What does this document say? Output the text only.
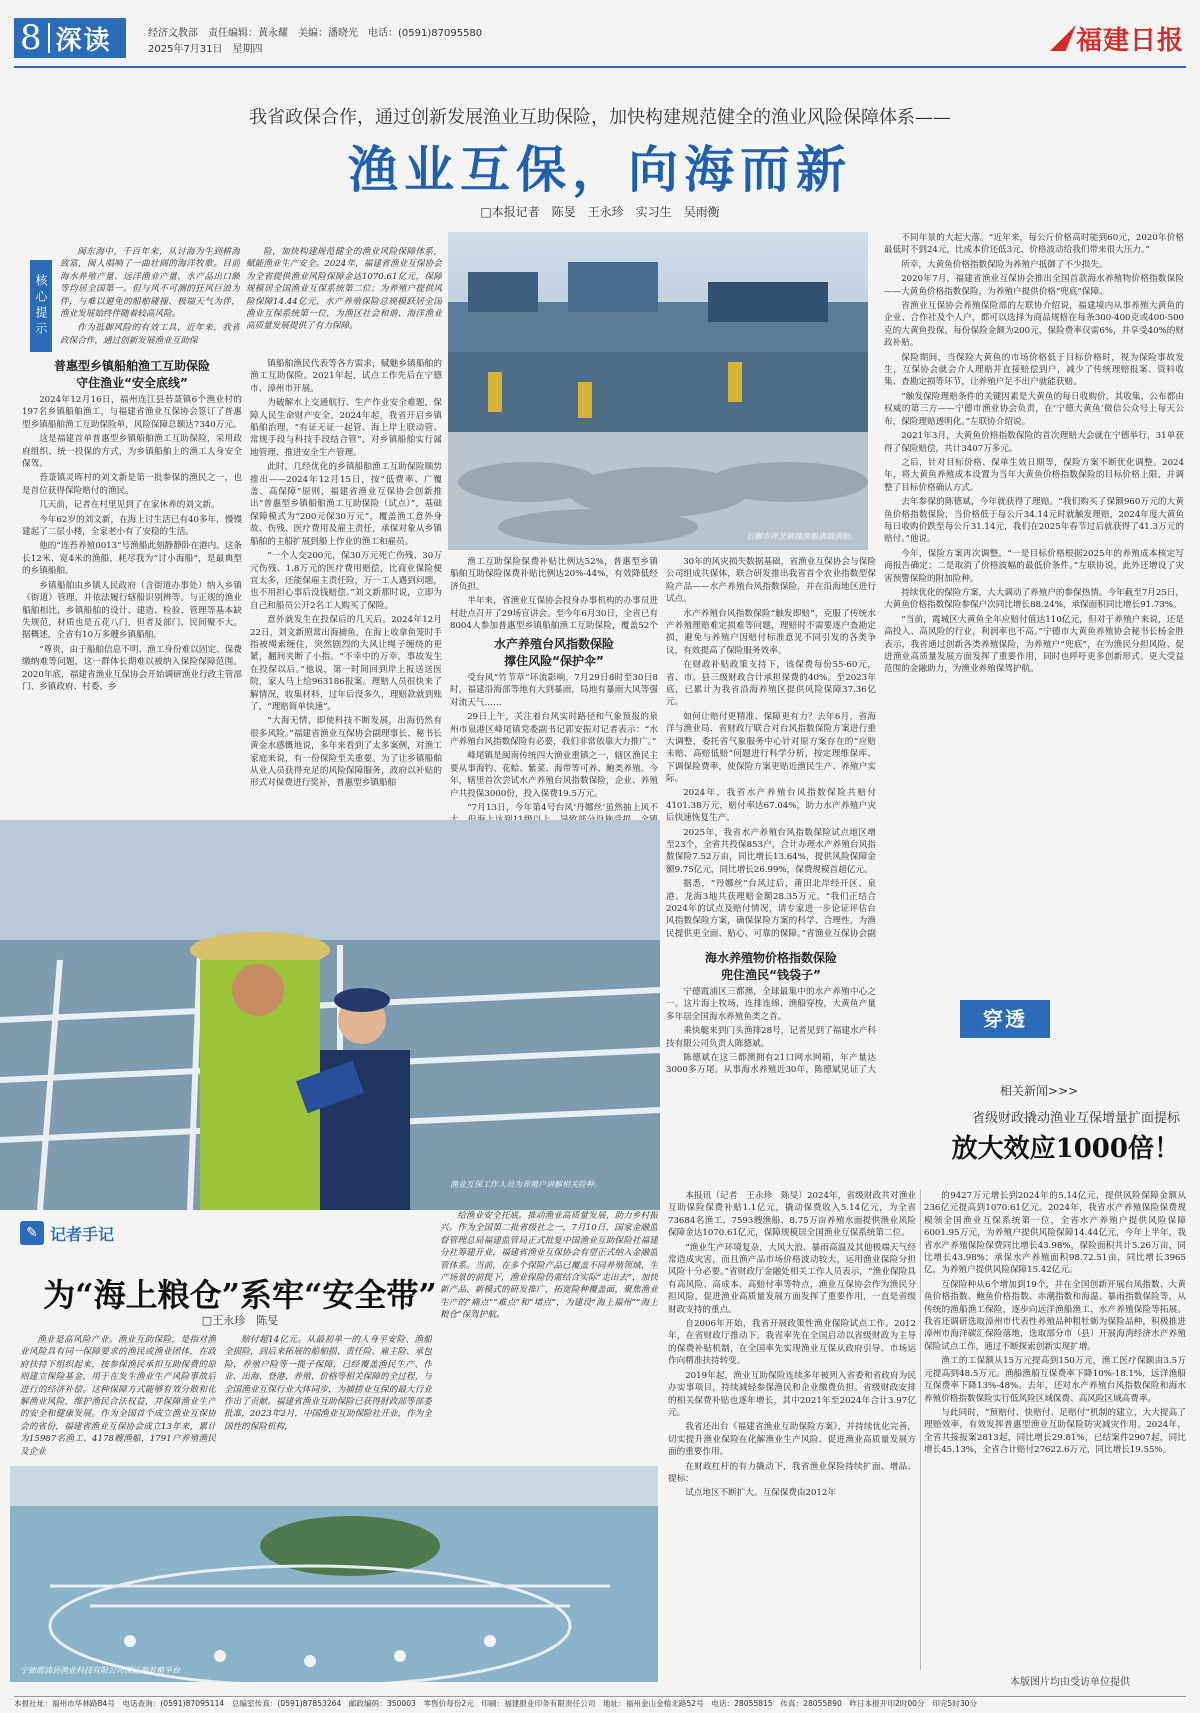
8 深读	经济文教部　责任编辑：黄永耀　美编：潘晓光　电话：(0591)87095580
2025年7月31日　星期四	福建日报
我省政保合作，通过创新发展渔业互助保险，加快构建规范健全的渔业风险保障体系——
渔业互保，向海而新
□本报记者　陈旻　王永珍　实习生　吴雨衡
核心提示

闽东海中，千百年来，从讨海为生到耕海致富，闽人唱响了一曲壮阔的海洋牧歌。目前海水养殖产量、远洋渔业产量、水产品出口额等均居全国第一。但与风不可测的狂风巨浪为伴，与难以避免的船舶碰撞、极端天气为伴，渔业发展始终伴随着较高风险。

作为抵御风险的有效工具，近年来，我省政保合作，通过创新发展渔业互助保

险，加快构建规范健全的渔业风险保障体系，赋能渔业生产安全。2024年，福建省渔业互保协会为全省提供渔业风险保障金达1070.61亿元，保障规模居全国渔业互保系统第二位；为养殖户提供风险保障14.44亿元，水产养殖保险总规模跃居全国渔业互保系统第一位，为渔区社会和谐、海洋渔业高质量发展提供了有力保障。

石狮市祥芝镇捕渔船满载满舱。
普惠型乡镇船舶渔工互助保险
守住渔业“安全底线”

2024年12月16日，福州连江县苔菉镇6个渔业村的197名乡镇船舶渔工，与福建省渔业互保协会签订了普惠型乡镇船舶渔工互助保险单，风险保障总额达7340万元。

这是福建首单普惠型乡镇船舶渔工互助保险，采用政府组织、统一投保的方式，为乡镇船舶上的渔工人身安全保驾。

苔菉镇灵晖村的刘文新是第一批参保的渔民之一，也是首位获得保险赔付的渔民。

几天前，记者在村里见到了在家休养的刘文新。

今年62岁的刘文新，在海上讨生活已有40多年，慢慢建起了二层小楼，全家老小有了安稳的生活。

他的“连苔养殖0013”号渔船此刻静静卧在港内。这条长12米、宽4米的渔船，耗尽我为“讨小海船”，是最典型的乡镇船舶。

乡镇船舶由乡镇人民政府（含街道办事处）纳入乡镇（街道）管理，并依法履行辖船识别辨等。与正规的渔业船舶相比，乡镇船舶的设计、建造、检验、管理等基本缺失规范，材质也是五花八门，但者及部门、民间聚不大。据概述，全省有10万多艘乡镇船舶。

“尊贵，由于船舶信息不明、渔工身份难以固定、保费缴纳难等问题，这一群体长期难以被纳入保险保障范围。2020年底，福建省渔业互保协会开始调研渔业行政主管部门、乡镇政府、村委、乡

镇船舶渔民代表等各方需求，赋魅乡镇船舶的渔工互助保险。2021年起，试点工作先后在宁德市、漳州市开展。

为破解水上交通航行、生产作业安全难题，保障人民生命财产安全，2024年起，我省开启乡镇船舶治理，“有证无证一起管、海上岸上联动管、常规手段与科技手段结合管”，对乡镇船舶实行属地管理、推进安全生产管理。

此时，几经优化的乡镇船舶渔工互助保险顺势推出——2024年12月15日，按“低费率、广覆盖、高保障”原则，福建省渔业互保协会创新推出“普惠型乡镇船舶渔工互助保险（试点）”，基础保障模式为“200元保30万元”，覆盖渔工意外身故、伤残、医疗费用及雇主责任，承保对象从乡镇船舶的主船扩展到船上作业的渔工和雇员。

“一个人交200元，保30万元死亡伤残、30万元伤残、1.8万元的医疗费用赔偿，比商业保险便宜太多，还能保雇主责任险，万一工人遇到问题，也不用担心事后没钱赔偿。”刘文新那时说，立即为自己和船员公开2名工人购买了保险。

意外就发生在投保后的几天后。2024年12月22日，刘文新照常出海捕鱼，在海上收拿鱼笼时手指被绳索缠住，突然剧烈的大风让绳子缠绕的更紧，翻间夹断了小指。“不幸中的万幸，事故发生在投保以后。”他说，第一时间回到岸上报送送医院，家人马上给963186报案。理赔人员很快来了解情况，收集材料，过年后没多久，理赔款就到账了，“理赔简单快速”。

“大海无情，即使科技不断发展，出海仍然有很多风险。”福建省渔业互保协会副理事长、秘书长黄金水感慨地说，多年来看到了太多案例，对渔工家庭来说，有一份保险至关重要。为了让乡镇船舶从业人员获得充足的风险保障服务，政府以补贴的形式对保费进行奖补，普惠型乡镇船舶

渔工互助保险保费补贴比例达52%，普惠型乡镇船舶互助保险保费补贴比例达20%-44%，有效降低经济负担。

半年来，省渔业互保协会投身办事机构的办事员进村赴点召开了29场宣讲会。至今年6月30日，全省已有8004人参加普惠型乡镇船舶渔工互助保险，覆盖52个

水产养殖台风指数保险
撑住风险“保护伞”

受台风“竹节草”环流影响，7月29日8时至30日8时，福建沿海部等地有大到暴雨，局地有暴雨大风等强对流天气……

29日上午，关注着台风实时路径和气象预报的泉州市泉港区峰尾镇党委副书记郭安振对记者表示：“水产养殖台风指数保险有必要，我们非常依靠大力推广。”

峰尾镇是闽南传统四大渔业重镇之一，辖区渔民主要从事海钓、花蛤、紫菜、海带等可养、鲍类养殖。今年，辖里首次尝试水产养殖台风指数保险，企业、养殖户共投保3000份，投入保费19.5万元。

“7月13日，今年第4号台风‘丹娜丝’虽然抽上风不

30年的风灾损失数据基础，省渔业互保协会与保险公司组成共保体，联合研发推出我省首个农业指数型保险产品——水产养殖台风指数保险，并在沿海地区进行试点。

水产养殖台风指数保险“触发即赔”，克服了传统水产养殖理赔难定损难等问题，理赔时不需要逐户查勘定损，避免与养殖户因赔付标准意见不同引发的各类争议，有效提高了保险服务效率。

在财政补贴政策支持下，该保费每份55-60元，省、市、县三级财政合计承担保费的40%。至2023年底，已累计为我省沿海养殖区提供风险保障37.36亿元。

如何让赔付更精准、保障更有力？去年6月，省海洋与渔业局、省财政厅联合对台风指数保险方案进行重大调整，委托省气象服务中心针对原方案存在的“应赔未赔、高赔低赔”问题进行科学分析，按定理维保库、下调保险费率，使保险方案更贴近渔民生产、养殖户实际。

2024年，我省水产养殖台风指数保险共赔付4101.38万元，赔付率达67.04%，助力水产养殖户灾后快速恢复生产。

2025年，我省水产养殖台风指数保险试点地区增至23个，全省共投保853户，合计办理水产养殖台风指数保险7.52万亩，同比增长13.64%，提供风险保障金额9.75亿元，同比增长26.99%，保费规模首超亿元。

据悉，“丹娜丝”台风过后，莆田北岸经开区、泉港、龙海3地共获理赔金额28.35万元。“我们正结合2024年的试点及赔付情况，请专家进一步论证评估台风指数保险方案，确保保险方案的科学、合理性，为渔民提供更全面、贴心、可靠的保障。”省渔业互保协会副

海水养殖物价格指数保险
兜住渔民“钱袋子”

宁德霞浦区三都澳，全球最集中的水产养殖中心之一。这片海上牧场，连排连绵、渔船穿梭，大黄鱼产量多年居全国海水养殖鱼类之首。

乘快艇来到门头渔排28号，记者见到了福建水产科技有限公司负责人陈德斌。

陈德斌在这三都澳拥有21口网水网箱，年产量达3000多万尾。从事海水养殖近30年，陈德斌见证了大

不同年景的大起大落。“近年来，每公斤价格高时能到60元，2020年价格最低时不到24元，比成本价还低3元，价格波动给我们带来很大压力。”

所幸，大黄鱼价格指数保险为养殖户抵御了不少损失。

2020年7月，福建省渔业互保协会推出全国首款海水养殖物价格指数保险——大黄鱼价格指数保险，为养殖户提供价格“兜底”保障。

省渔业互保协会养殖保险部的左联协介绍说，福建境内从事养殖大黄鱼的企业、合作社及个人户，都可以选择为商品规格在每条300-400克或400-500克的大黄鱼投保。每份保险金额为200元，保险费率仅需6%，并享受40%的财政补贴。

保险期间，当保险大黄鱼的市场价格低于目标价格时，视为保险事故发生，互保协会就会介人理赔并直接赔偿到户，减少了传统理赔报案、资料收集、查勘定损等环节，让养殖户足不出户就能获赔。

“触发保险理赔条件的关键因素是大黄鱼的每日收购价，其收集、公布都由权威的第三方——宁德市渔业协会负责，在‘宁德大黄鱼’微信公众号上每天公布，保险理赔透明化。”左联协介绍说。

2021年3月，大黄鱼价格指数保险的首次理赔大会就在宁德举行，31单获得了保险赔偿，共计3407万多元。

之后，针对目标价格、保单生效日期等，保险方案不断优化调整。2024年，将大黄鱼养殖成本设置为当年大黄鱼价格指数保险的目标价格上限，并调整了目标价格确认方式。

去年参保的陈德斌，今年就获得了理赔。“我们购买了保额960万元的大黄鱼价格指数保险，当价格低于每公斤34.14元时就触发理赔，2024年度大黄鱼每日收购价跌至每公斤31.14元，我们在2025年春节过后就获得了41.3万元的赔付。”他说。

今年，保险方案再次调整。“一是目标价格根据2025年的养殖成本核定写商报告确定；二是取消了价格波幅的最低价条件。”左联协说，此外还增设了灾害预警保险的附加险种。

持续优化的保险方案，大大调动了养殖户的参保热情。今年截至7月25日，大黄鱼价格指数保险参保户次同比增长88.24%，承保面积同比增长91.73%。

“当前，霞城区大黄鱼全年应赔付值达110亿元，但对于养殖户来说，还是高投入、高风险的行业，利润率也不高。”宁德市大黄鱼养殖协会秘书长杨金胜表示，我省通过创新各类养殖保险，为养殖户“兜底”，在为渔民分担风险、促进渔业高质量发展方面发挥了重要作用，同时也呼吁更多创新形式、更大受益范围的金融助力，为渔业养殖保驾护航。

渔业互保工作人员为养殖户讲解相关险种。
穿透
相关新闻>>>
省级财政撬动渔业互保增量扩面提标
放大效应1000倍！

本报讯（记者　王永珍　陈旻）2024年，省级财政共对渔业互助保险保费补贴1.1亿元，撬动保费收入5.14亿元，为全省73684名渔工、7593艘渔船、8.75万亩养殖水面提供渔业风险保障金达1070.61亿元，保障规模居全国渔业互保系统第二位。

“渔业生产环境复杂，大风大浪、暴雨高温及其他极端天气经常造成灾害，而且渔产品市场价格波动较大，运用渔业保险分担风险十分必要。”省财政厅金融处相关工作人员表示，“渔业保险具有高风险、高成本、高赔付率等特点，渔业互保协会作为渔民分担风险，促进渔业高质量发展方面发挥了重要作用，一直是省级财政支持的重点。

自2006年开始，我省开展政策性渔业保险试点工作。2012年，在省财政厅推动下，我省率先在全国启动以省级财政为主导的保费补贴机制，在全国率先实现渔业互保从政府引导、市场运作向精准扶持转变。

2019年起，渔业互助保险连续多年被列入省委和省政府为民办实事项目，持续减轻参保渔民和企业缴费负担。省级财政安排的相关保费补贴也逐年增长，其中2021年至2024年合计3.97亿元。

我省还出台《福建省渔业互助保险方案》，并持续优化完善，切实提升渔业保险在化解渔业生产风险、促进渔业高质量发展方面的重要作用。

在财政杠杆的有力撬动下，我省渔业保险持续扩面、增品、提标：

试点地区不断扩大。互保保费由2012年

的9427万元增长到2024年的5.14亿元，提供风险保障金额从236亿元提高到1070.61亿元。2024年，我省水产养殖保险保费规模领全国渔业互保系统第一位，全省水产养殖户提供风险保障6001.95万元，为养殖户提供风险保障14.44亿元，今年上半年，我省水产养殖保险保费同比增长43.98%，保险面积共计5.26万亩，同比增长43.98%；承保水产养殖面积98.72.51亩，同比增长3965亿，为养殖户提供风险保障15.42亿元。

互保险种从6个增加到19个，并在全国创新开展台风指数、大黄鱼价格指数、鲍鱼价格指数、赤潮指数和海温、暴雨指数保险等，从传统的渔船渔工保险，逐步向远洋渔船渔工、水产养殖保险等拓展。我省还调研选取漳州市代表性养殖品种粗牡蛎为保险品种，积极推进漳州市海洋碳汇保险落地，选取部分市（县）开展海湾经济水产养殖保险试点工作，通过不断探索创新实现扩增。

渔工的工保额从15万元提高到150万元，渔工医疗保额由3.5万元提高到48.5万元。渔船渔船互保费率下降10%-18.1%，远洋渔船互保费率下降13%-48%。去年，还对水产养殖台风指数保险和海水养殖价格指数保险实行低风险区域保费、高风险区域高费率。

与此同时，“预赔付、快赔付、足赔付”机制的建立，大大提高了理赔效率，有效发挥普惠型渔业互助保险防灾减灾作用。2024年，全省共接报案2813起，同比增长29.81%，已结案件2907起，同比增长45.13%，全省合计赔付27622.6万元，同比增长19.55%。

✎ 记者手记
为“海上粮仓”系牢“安全带”
□王永珍　陈旻

渔业是高风险产业。渔业互助保险，是指对渔业风险具有同一保障要求的渔民或渔业团体，在政府扶持下组织起来，按参保渔民承担互助保费的原则建立保险基金，用于在发生渔业生产风险事故后进行的经济补偿。这种保障方式能够有效分散和化解渔业风险，维护渔民合法权益，并保障渔业生产的安全和健康发展。作为全国首个成立渔业互保协会的省份，福建省渔业互保协会成立13年来，累计为15987名渔工、4178艘渔船，1791户养殖渔民及企业

赔付超14亿元。从最初单一的人身平安险、渔船全损险，到后来拓展的船舶损、责任险、雇主险、承包险，养殖户险等一揽子保障，已经覆盖渔民生产、作业、出海、登港、养殖、价格等相关保障的全过程，与全国渔业互保行业大体同步，为捕捞业互保的最大行业作出了贡献。福建省渔业互助保险已获得财政部等部委批准，2023年2月，中国渔业互助保险社开业，作为全国性的保险机构，

给渔业安全托底。推动渔业高质量发展，助力乡村振兴。作为全国第二批省级社之一，7月10日，国家金融监督管理总局福建监管局正式批复中国渔业互助保险社福建分社筹建开业，福建省渔业互保协会有望正式纳入金融监管体系。当前，在多个保险产品已覆盖不同养殖领域、生产场景的前提下，渔业保险仍需结合实际“走出去”，加快新产品、新模式的研发推广，拓宽险种覆盖面，聚焦渔业生产的“痛点”“难点”和“堵点”，为建设“海上福州”“海上粮仓”保驾护航。

宁德霞浦县渔业科技有限公司深远海养殖平台
本版图片均由受访单位提供
本报社址：福州市华林路84号　电话查询：(0591)87095114　总编室传真：(0591)87853264　邮政编码：350003　零售价每份2元　印刷：福建报业印务有限责任公司　地址：福州金山金榕北路52号　电话：28055815　传真：28055890　昨日本报开印2时00分　印完5时30分
